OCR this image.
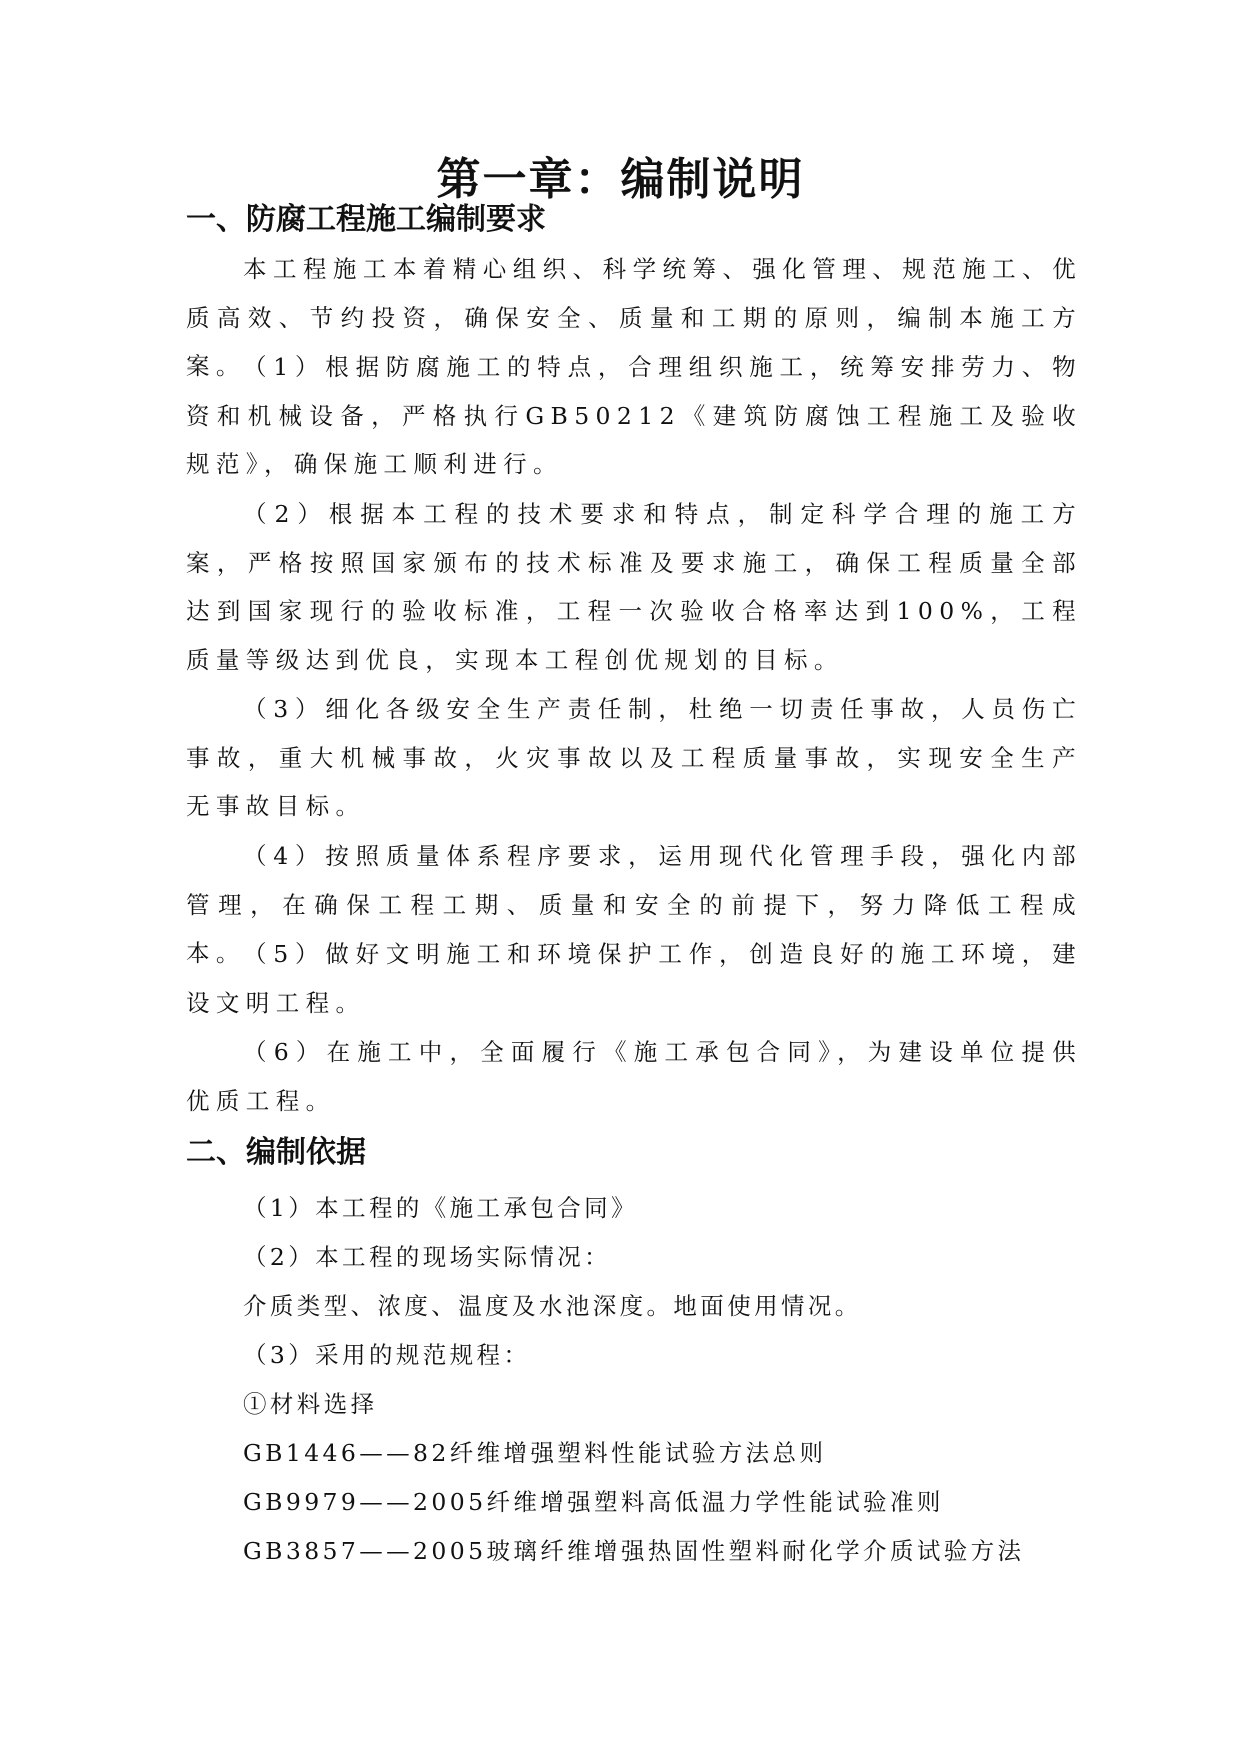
第一章：编制说明
一、防腐工程施工编制要求
本工程施工本着精心组织、科学统筹、强化管理、规范施工、优质高效、节约投资，确保安全、质量和工期的原则，编制本施工方案。
（1）根据防腐施工的特点，合理组织施工，统筹安排劳力、物资和机械设备，严格执行GB50212《建筑防腐蚀工程施工及验收规范》，确保施工顺利进行。
（2）根据本工程的技术要求和特点，制定科学合理的施工方案，严格按照国家颁布的技术标准及要求施工，确保工程质量全部达到国家现行的验收标准，工程一次验收合格率达到100%，工程质量等级达到优良，实现本工程创优规划的目标。
（3）细化各级安全生产责任制，杜绝一切责任事故，人员伤亡事故，重大机械事故，火灾事故以及工程质量事故，实现安全生产无事故目标。
（4）按照质量体系程序要求，运用现代化管理手段，强化内部管理，在确保工程工期、质量和安全的前提下，努力降低工程成本。
（5）做好文明施工和环境保护工作，创造良好的施工环境，建设文明工程。
（6）在施工中，全面履行《施工承包合同》，为建设单位提供优质工程。
二、编制依据
（1）本工程的《施工承包合同》
（2）本工程的现场实际情况：
介质类型、浓度、温度及水池深度。地面使用情况。
（3）采用的规范规程：
①材料选择
GB1446——82纤维增强塑料性能试验方法总则
GB9979——2005纤维增强塑料高低温力学性能试验准则
GB3857——2005玻璃纤维增强热固性塑料耐化学介质试验方法
